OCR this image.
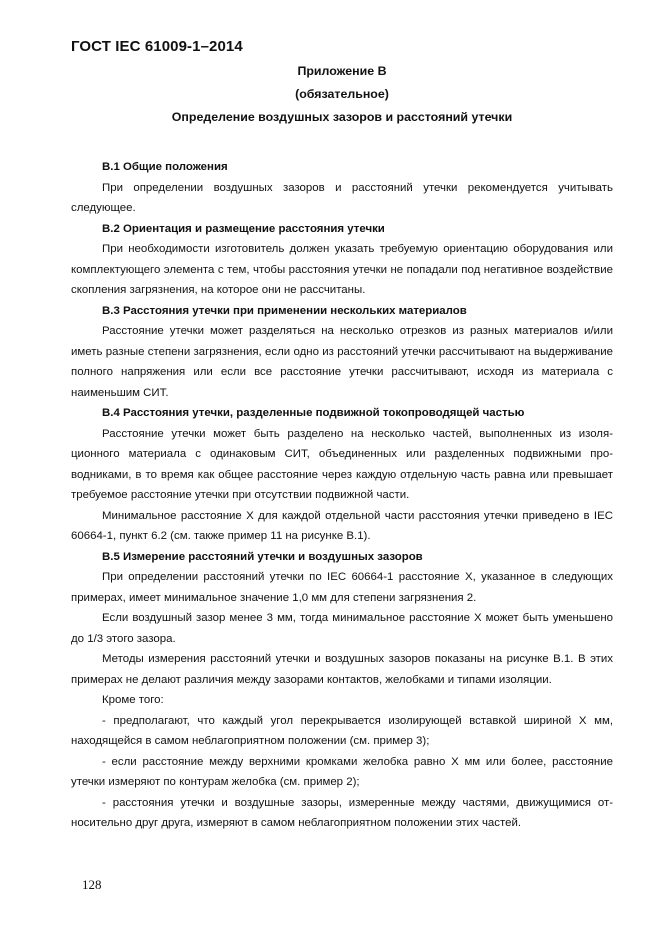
ГОСТ IEC 61009-1–2014
Приложение В
(обязательное)
Определение воздушных зазоров и расстояний утечки

В.1 Общие положения

При определении воздушных зазоров и расстояний утечки рекомендуется учитывать следующее.

В.2 Ориентация и размещение расстояния утечки

При необходимости изготовитель должен указать требуемую ориентацию оборудования или комплектующего элемента с тем, чтобы расстояния утечки не попадали под негативное воздействие скопления загрязнения, на которое они не рассчитаны.

В.3 Расстояния утечки при применении нескольких материалов

Расстояние утечки может разделяться на несколько отрезков из разных материалов и/или иметь разные степени загрязнения, если одно из расстояний утечки рассчитывают на выдерживание полного напряжения или если все расстояние утечки рассчитывают, исходя из материала с наименьшим СИТ.

В.4 Расстояния утечки, разделенные подвижной токопроводящей частью

Расстояние утечки может быть разделено на несколько частей, выполненных из изоляционного материала с одинаковым СИТ, объединенных или разделенных подвижными проводниками, в то время как общее расстояние через каждую отдельную часть равна или превышает требуемое расстояние утечки при отсутствии подвижной части.

Минимальное расстояние X для каждой отдельной части расстояния утечки приведено в IEC 60664-1, пункт 6.2 (см. также пример 11 на рисунке В.1).

В.5 Измерение расстояний утечки и воздушных зазоров

При определении расстояний утечки по IEC 60664-1 расстояние X, указанное в следующих примерах, имеет минимальное значение 1,0 мм для степени загрязнения 2.

Если воздушный зазор менее 3 мм, тогда минимальное расстояние X может быть уменьшено до 1/3 этого зазора.

Методы измерения расстояний утечки и воздушных зазоров показаны на рисунке В.1. В этих примерах не делают различия между зазорами контактов, желобками и типами изоляции.

Кроме того:

- предполагают, что каждый угол перекрывается изолирующей вставкой шириной X мм, находящейся в самом неблагоприятном положении (см. пример 3);

- если расстояние между верхними кромками желобка равно X мм или более, расстояние утечки измеряют по контурам желобка (см. пример 2);

- расстояния утечки и воздушные зазоры, измеренные между частями, движущимися относительно друг друга, измеряют в самом неблагоприятном положении этих частей.

128
